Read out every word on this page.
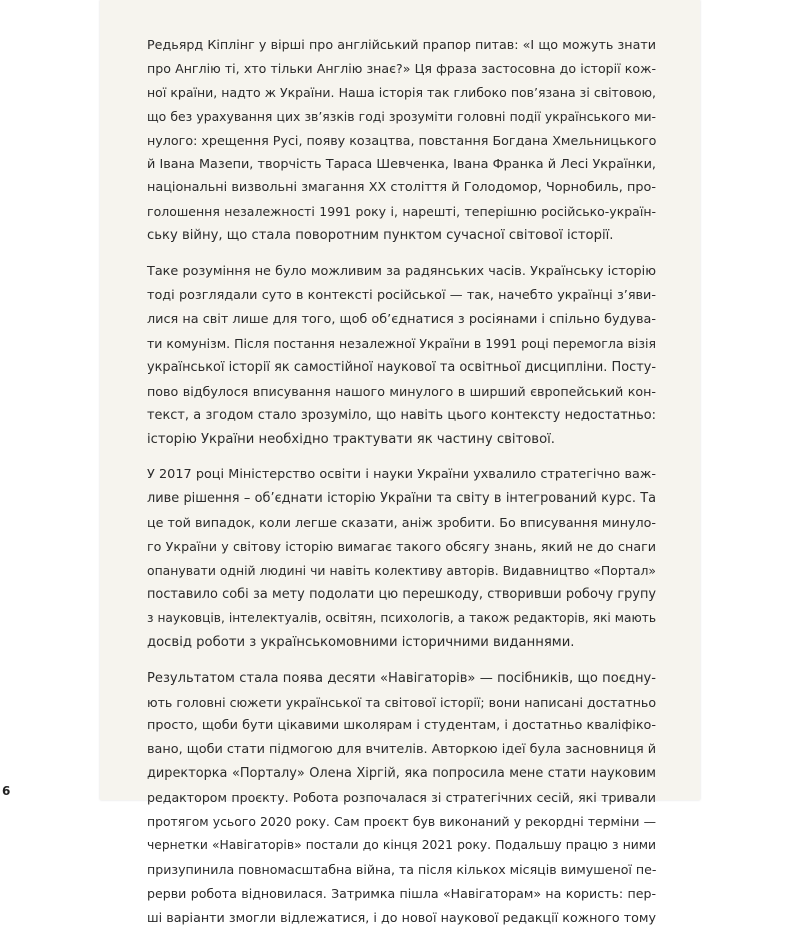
Редьярд Кіплінг у вірші про англійський прапор питав: «І що можуть знати
про Англію ті, хто тільки Англію знає?» Ця фраза застосовна до історії кож-
ної країни, надто ж України. Наша історія так глибоко пов’язана зі світовою,
що без урахування цих зв’язків годі зрозуміти головні події українського ми-
нулого: хрещення Русі, появу козацтва, повстання Богдана Хмельницького
й Івана Мазепи, творчість Тараса Шевченка, Івана Франка й Лесі Українки,
національні визвольні змагання XX століття й Голодомор, Чорнобиль, про-
голошення незалежності 1991 року і, нарешті, теперішню російсько-україн-
ську війну, що стала поворотним пунктом сучасної світової історії.
Таке розуміння не було можливим за радянських часів. Українську історію
тоді розглядали суто в контексті російської — так, начебто українці з’яви-
лися на світ лише для того, щоб об’єднатися з росіянами і спільно будува-
ти комунізм. Після постання незалежної України в 1991 році перемогла візія
української історії як самостійної наукової та освітньої дисципліни. Посту-
пово відбулося вписування нашого минулого в ширший європейський кон-
текст, а згодом стало зрозуміло, що навіть цього контексту недостатньо:
історію України необхідно трактувати як частину світової.
У 2017 році Міністерство освіти і науки України ухвалило стратегічно важ-
ливе рішення – об’єднати історію України та світу в інтегрований курс. Та
це той випадок, коли легше сказати, аніж зробити. Бо вписування минуло-
го України у світову історію вимагає такого обсягу знань, який не до снаги
опанувати одній людині чи навіть колективу авторів. Видавництво «Портал»
поставило собі за мету подолати цю перешкоду, створивши робочу групу
з науковців, інтелектуалів, освітян, психологів, а також редакторів, які мають
досвід роботи з українськомовними історичними виданнями.
Результатом стала поява десяти «Навігаторів» — посібників, що поєдну-
ють головні сюжети української та світової історії; вони написані достатньо
просто, щоби бути цікавими школярам і студентам, і достатньо кваліфіко-
вано, щоби стати підмогою для вчителів. Авторкою ідеї була засновниця й
директорка «Порталу» Олена Хіргій, яка попросила мене стати науковим
редактором проєкту. Робота розпочалася зі стратегічних сесій, які тривали
протягом усього 2020 року. Сам проєкт був виконаний у рекордні терміни —
чернетки «Навігаторів» постали до кінця 2021 року. Подальшу працю з ними
призупинила повномасштабна війна, та після кількох місяців вимушеної пе-
рерви робота відновилася. Затримка пішла «Навігаторам» на користь: пер-
ші варіанти змогли відлежатися, і до нової наукової редакції кожного тому
6
